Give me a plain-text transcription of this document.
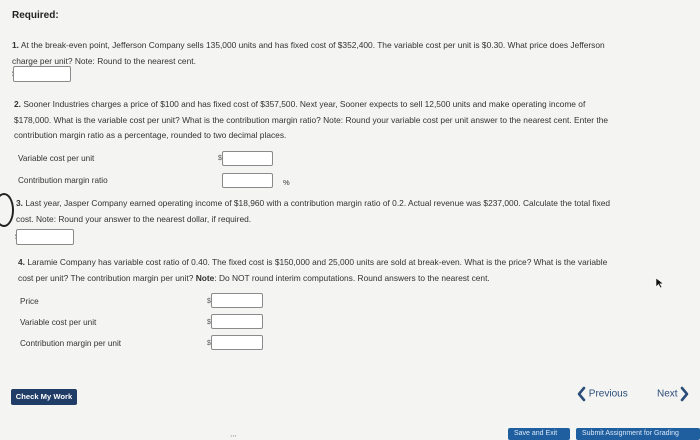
Required:
1. At the break-even point, Jefferson Company sells 135,000 units and has fixed cost of $352,400. The variable cost per unit is $0.30. What price does Jefferson
charge per unit? Note: Round to the nearest cent.
2. Sooner Industries charges a price of $100 and has fixed cost of $357,500. Next year, Sooner expects to sell 12,500 units and make operating income of
$178,000. What is the variable cost per unit? What is the contribution margin ratio? Note: Round your variable cost per unit answer to the nearest cent. Enter the
contribution margin ratio as a percentage, rounded to two decimal places.
Variable cost per unit	$
Contribution margin ratio	%
3. Last year, Jasper Company earned operating income of $18,960 with a contribution margin ratio of 0.2. Actual revenue was $237,000. Calculate the total fixed
cost. Note: Round your answer to the nearest dollar, if required.
4. Laramie Company has variable cost ratio of 0.40. The fixed cost is $150,000 and 25,000 units are sold at break-even. What is the price? What is the variable
cost per unit? The contribution margin per unit? Note: Do NOT round interim computations. Round answers to the nearest cent.
Price	$
Variable cost per unit	$
Contribution margin per unit	$
Check My Work	Previous	Next
Save and Exit	Submit Assignment for Grading
⋯
